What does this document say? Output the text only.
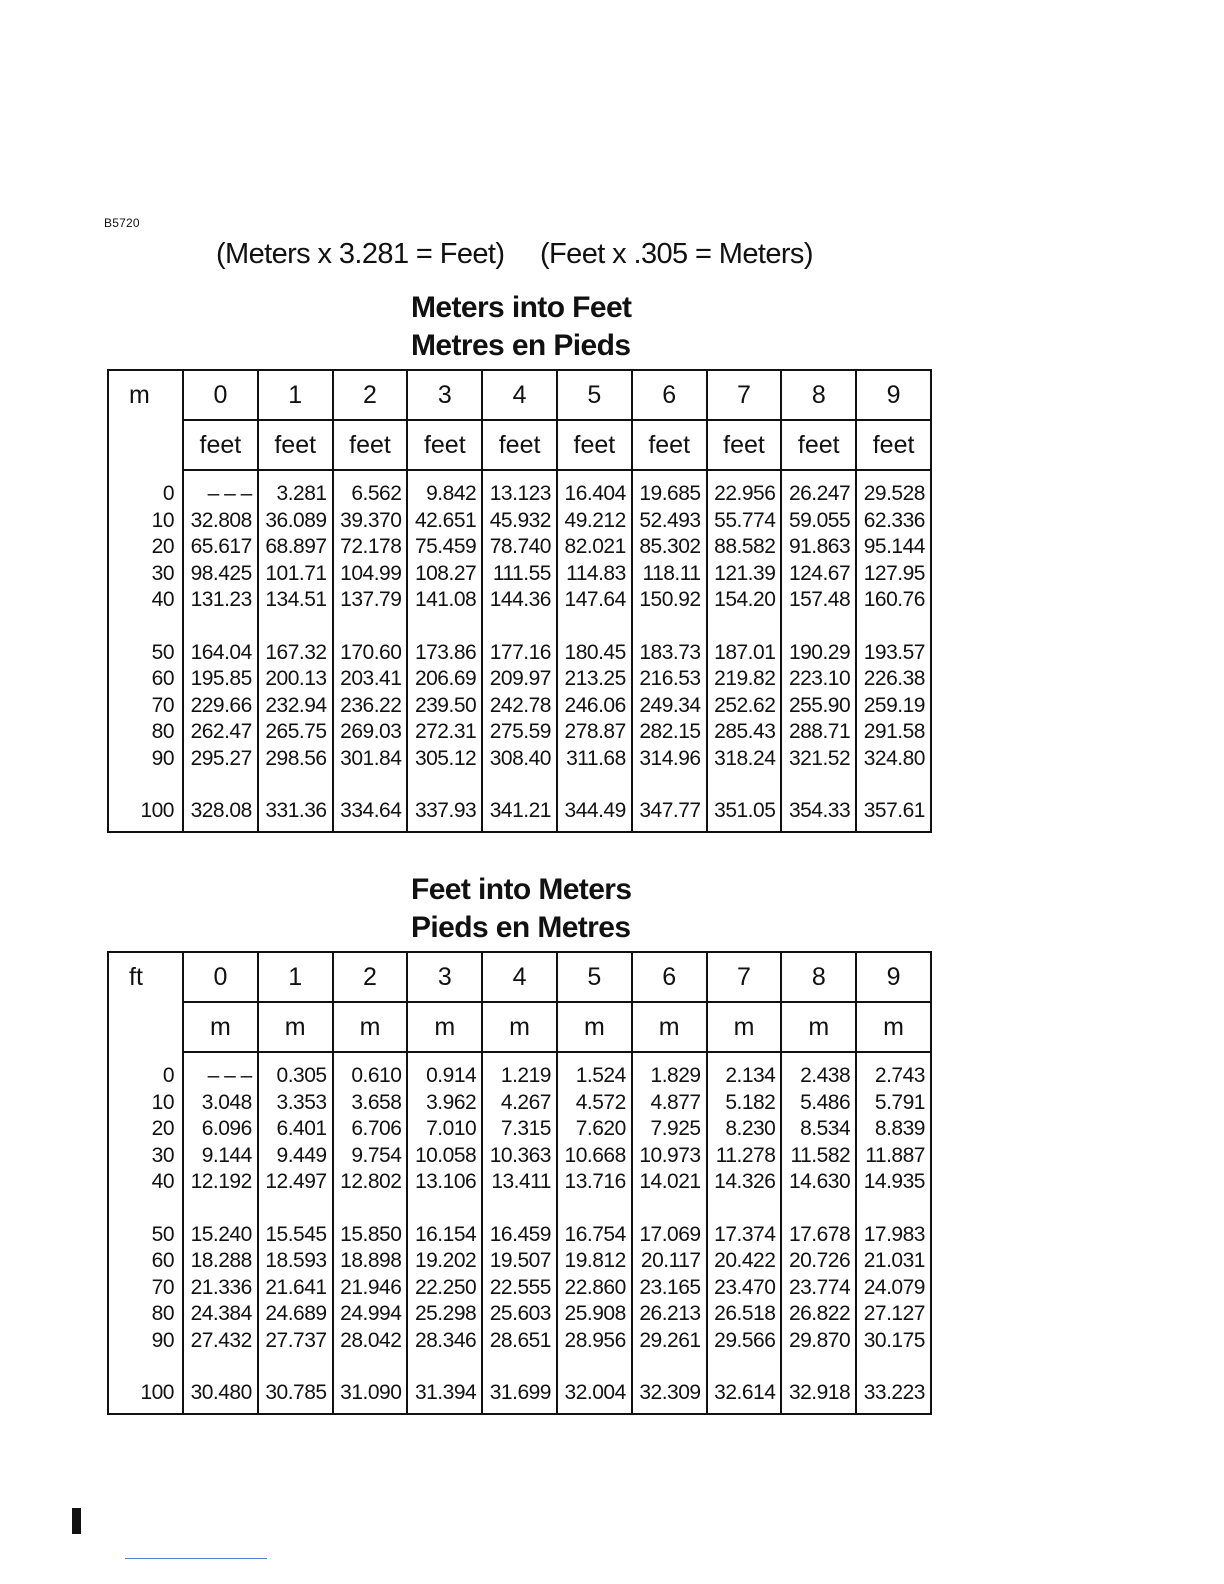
B5720
(Meters x 3.281 = Feet) (Feet x .305 = Meters)
Meters into Feet
Metres en Pieds
m	0	1	2	3	4	5	6	7	8	9
	feet	feet	feet	feet	feet	feet	feet	feet	feet	feet

0	– – –	3.281	6.562	9.842	13.123	16.404	19.685	22.956	26.247	29.528
10	32.808	36.089	39.370	42.651	45.932	49.212	52.493	55.774	59.055	62.336
20	65.617	68.897	72.178	75.459	78.740	82.021	85.302	88.582	91.863	95.144
30	98.425	101.71	104.99	108.27	111.55	114.83	118.11	121.39	124.67	127.95
40	131.23	134.51	137.79	141.08	144.36	147.64	150.92	154.20	157.48	160.76

50	164.04	167.32	170.60	173.86	177.16	180.45	183.73	187.01	190.29	193.57
60	195.85	200.13	203.41	206.69	209.97	213.25	216.53	219.82	223.10	226.38
70	229.66	232.94	236.22	239.50	242.78	246.06	249.34	252.62	255.90	259.19
80	262.47	265.75	269.03	272.31	275.59	278.87	282.15	285.43	288.71	291.58
90	295.27	298.56	301.84	305.12	308.40	311.68	314.96	318.24	321.52	324.80

100	328.08	331.36	334.64	337.93	341.21	344.49	347.77	351.05	354.33	357.61

Feet into Meters
Pieds en Metres
ft	0	1	2	3	4	5	6	7	8	9
	m	m	m	m	m	m	m	m	m	m

0	– – –	0.305	0.610	0.914	1.219	1.524	1.829	2.134	2.438	2.743
10	3.048	3.353	3.658	3.962	4.267	4.572	4.877	5.182	5.486	5.791
20	6.096	6.401	6.706	7.010	7.315	7.620	7.925	8.230	8.534	8.839
30	9.144	9.449	9.754	10.058	10.363	10.668	10.973	11.278	11.582	11.887
40	12.192	12.497	12.802	13.106	13.411	13.716	14.021	14.326	14.630	14.935

50	15.240	15.545	15.850	16.154	16.459	16.754	17.069	17.374	17.678	17.983
60	18.288	18.593	18.898	19.202	19.507	19.812	20.117	20.422	20.726	21.031
70	21.336	21.641	21.946	22.250	22.555	22.860	23.165	23.470	23.774	24.079
80	24.384	24.689	24.994	25.298	25.603	25.908	26.213	26.518	26.822	27.127
90	27.432	27.737	28.042	28.346	28.651	28.956	29.261	29.566	29.870	30.175

100	30.480	30.785	31.090	31.394	31.699	32.004	32.309	32.614	32.918	33.223
